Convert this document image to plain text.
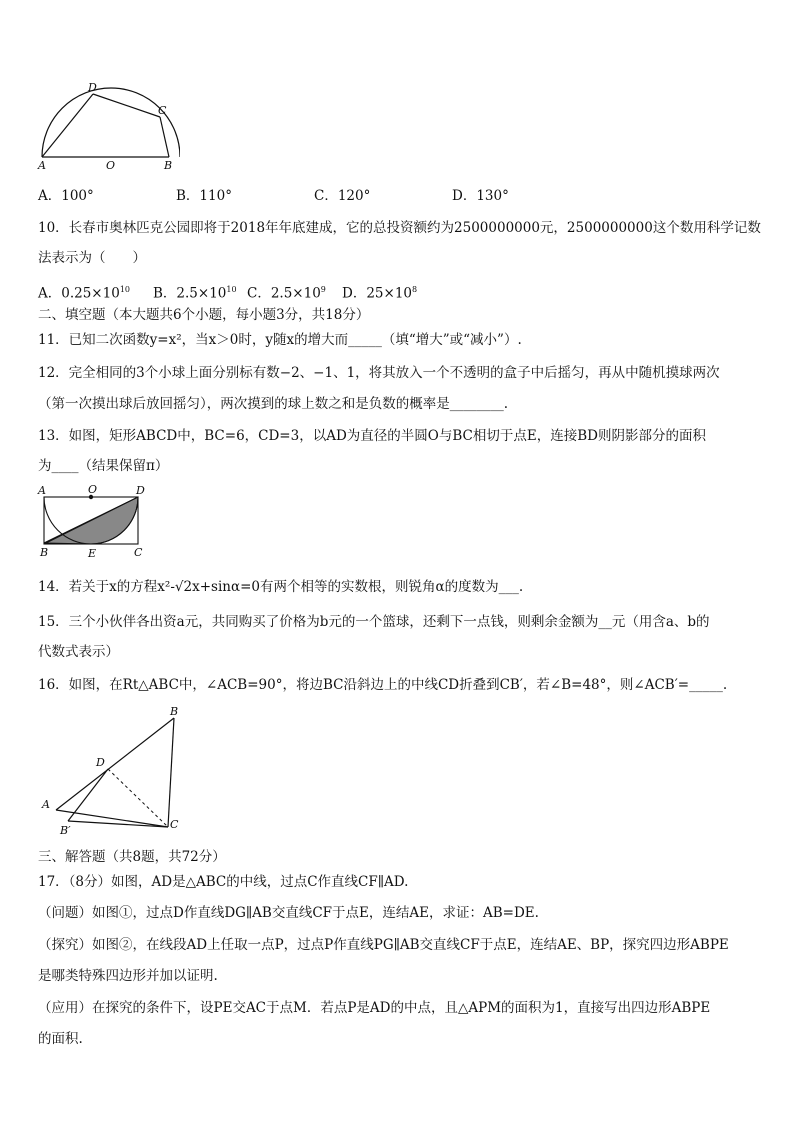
D
C
A	O	B
A．100°	B．110°	C．120°	D．130°
10．长春市奥林匹克公园即将于2018年年底建成，它的总投资额约为2500000000元，2500000000这个数用科学记数
法表示为（　　）
A．$0.25\times 10^{10}$ B．$2.5\times 10^{10}$ C．$2.5\times 10^9$ D．$25\times 10^8$
二、填空题（本大题共6个小题，每小题3分，共18分）
11．已知二次函数y=x²，当x＞0时，y随x的增大而_____（填“增大”或“减小”）.
12．完全相同的3个小球上面分别标有数−2、−1、1，将其放入一个不透明的盒子中后摇匀，再从中随机摸球两次
（第一次摸出球后放回摇匀），两次摸到的球上数之和是负数的概率是________.
13．如图，矩形ABCD中，BC=6，CD=3，以AD为直径的半圆O与BC相切于点E，连接BD则阴影部分的面积
为____（结果保留π）
A	O	D
B	E	C
14．若关于x的方程x²-√2x+sinα=0有两个相等的实数根，则锐角α的度数为___.
15．三个小伙伴各出资a元，共同购买了价格为b元的一个篮球，还剩下一点钱，则剩余金额为__元（用含a、b的
代数式表示）
16．如图，在Rt△ABC中，∠ACB=90°，将边BC沿斜边上的中线CD折叠到CB′，若∠B=48°，则∠ACB′=_____.
B
D
A
B′	C
三、解答题（共8题，共72分）
17．（8分）如图，AD是△ABC的中线，过点C作直线CF∥AD.
（问题）如图①，过点D作直线DG∥AB交直线CF于点E，连结AE，求证：AB=DE.
（探究）如图②，在线段AD上任取一点P，过点P作直线PG∥AB交直线CF于点E，连结AE、BP，探究四边形ABPE
是哪类特殊四边形并加以证明.
（应用）在探究的条件下，设PE交AC于点M．若点P是AD的中点，且△APM的面积为1，直接写出四边形ABPE
的面积.
